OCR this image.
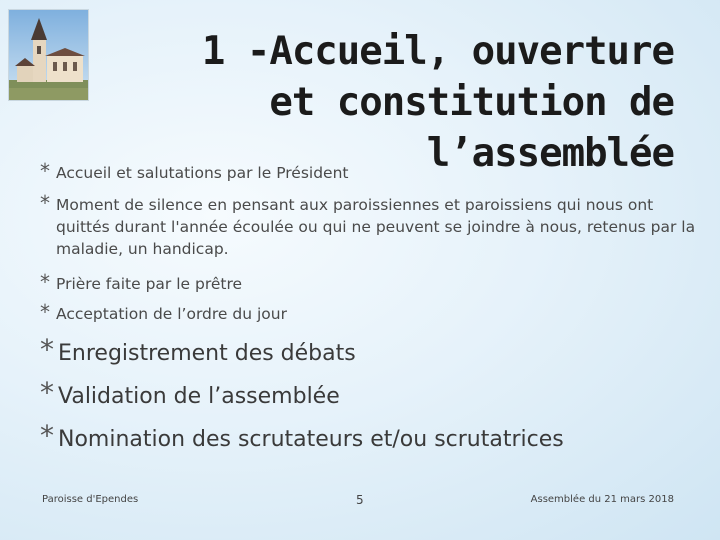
1 -Accueil, ouverture et constitution de l’assemblée
* Accueil et salutations par le Président
* Moment de silence en pensant aux paroissiennes et paroissiens qui nous ont quittés durant l'année écoulée ou qui ne peuvent se joindre à nous, retenus par la maladie, un handicap.
* Prière faite par le prêtre
* Acceptation de l’ordre du jour
* Enregistrement des débats
* Validation de l’assemblée
* Nomination des scrutateurs et/ou scrutatrices
Paroisse d'Ependes	5	Assemblée du 21 mars 2018
